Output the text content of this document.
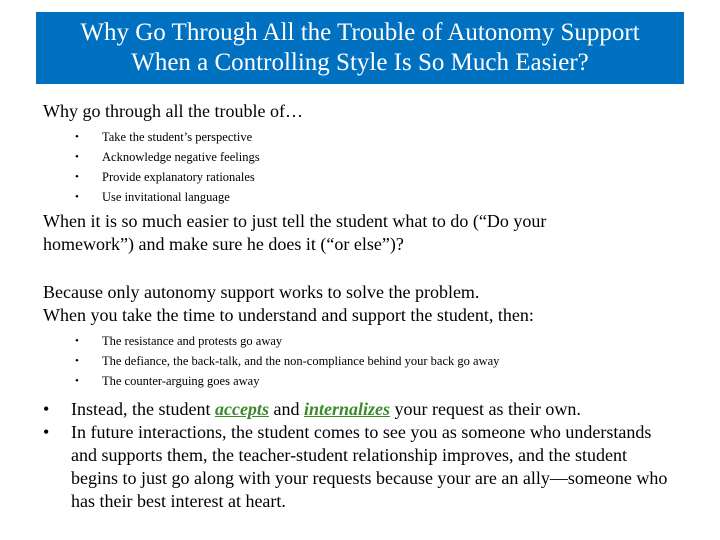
Why Go Through All the Trouble of Autonomy Support
When a Controlling Style Is So Much Easier?

Why go through all the trouble of…

• Take the student’s perspective
• Acknowledge negative feelings
• Provide explanatory rationales
• Use invitational language

When it is so much easier to just tell the student what to do (“Do your homework”) and make sure he does it (“or else”)?

Because only autonomy support works to solve the problem.

When you take the time to understand and support the student, then:

• The resistance and protests go away
• The defiance, the back-talk, and the non-compliance behind your back go away
• The counter-arguing goes away
• Instead, the student accepts and internalizes your request as their own.
• In future interactions, the student comes to see you as someone who understands and supports them, the teacher-student relationship improves, and the student begins to just go along with your requests because your are an ally—someone who has their best interest at heart.
